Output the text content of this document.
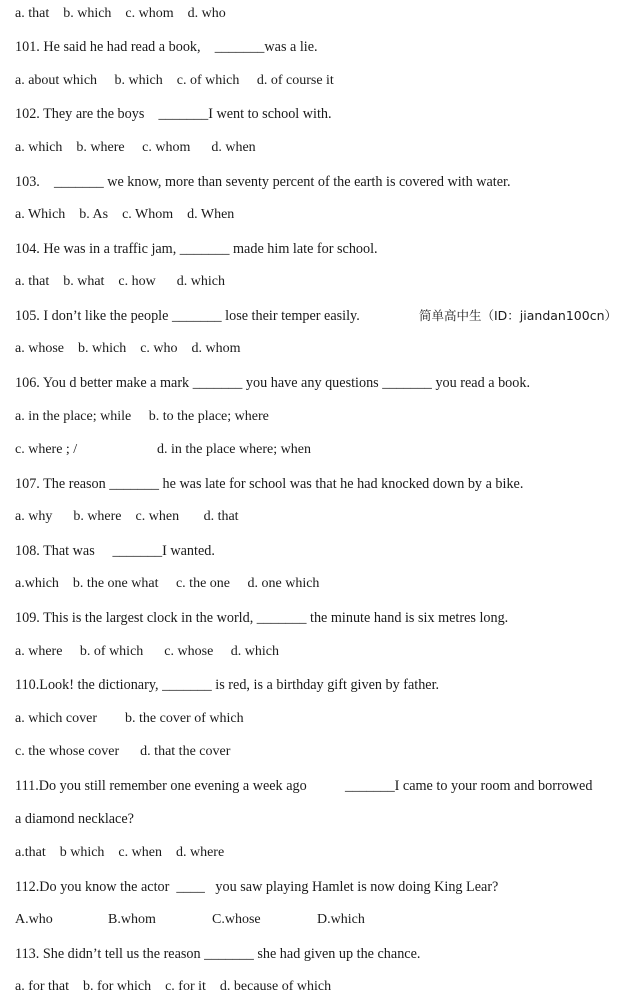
a. that    b. which    c. whom    d. who
101. He said he had read a book,    _______was a lie.
a. about which     b. which    c. of which     d. of course it
102. They are the boys    _______I went to school with.
a. which    b. where     c. whom      d. when
103.    _______ we know, more than seventy percent of the earth is covered with water.
a. Which    b. As    c. Whom    d. When
104. He was in a traffic jam, _______ made him late for school.
a. that    b. what    c. how      d. which
105. I don’t like the people _______ lose their temper easily.	简单高中生（ID：jiandan100cn）
a. whose    b. which    c. who    d. whom
106. You d better make a mark _______ you have any questions _______ you read a book.
a. in the place; while     b. to the place; where
c. where ; /	d. in the place where; when
107. The reason _______ he was late for school was that he had knocked down by a bike.
a. why      b. where    c. when       d. that
108. That was     _______I wanted.
a.which    b. the one what     c. the one     d. one which
109. This is the largest clock in the world, _______ the minute hand is six metres long.
a. where     b. of which      c. whose     d. which
110.Look! the dictionary, _______ is red, is a birthday gift given by father.
a. which cover        b. the cover of which
c. the whose cover      d. that the cover
111.Do you still remember one evening a week ago	_______I came to your room and borrowed
a diamond necklace?
a.that    b which    c. when    d. where
112.Do you know the actor  ____   you saw playing Hamlet is now doing King Lear?
A.who	B.whom	C.whose	D.which
113. She didn’t tell us the reason _______ she had given up the chance.
a. for that    b. for which    c. for it    d. because of which
